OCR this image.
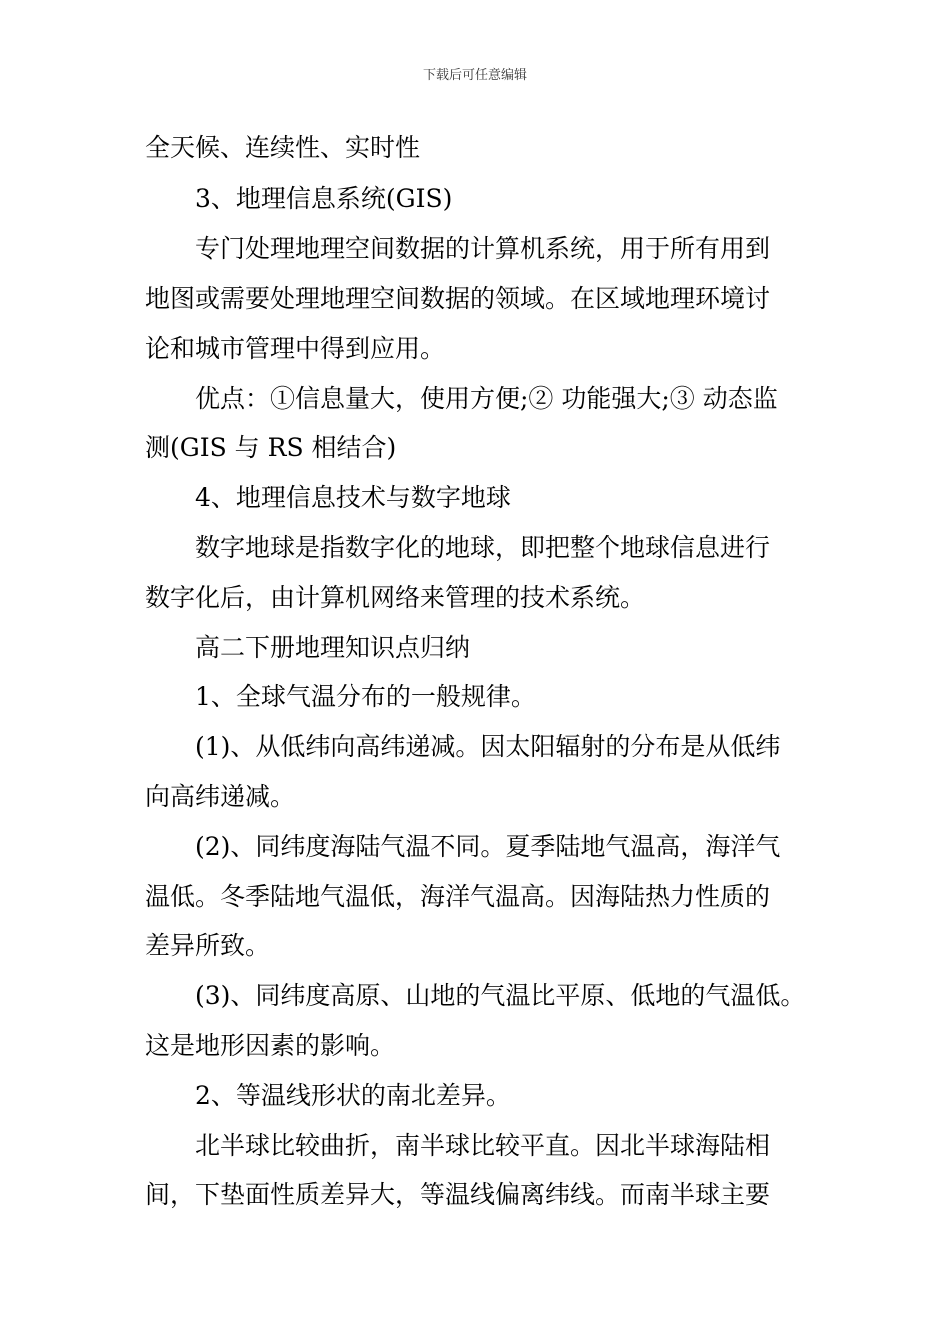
下载后可任意编辑

全天候、连续性、实时性

3、地理信息系统(GIS)

专门处理地理空间数据的计算机系统，用于所有用到

地图或需要处理地理空间数据的领域。在区域地理环境讨

论和城市管理中得到应用。

优点：①信息量大，使用方便;② 功能强大;③ 动态监

测(GIS 与 RS 相结合)

4、地理信息技术与数字地球

数字地球是指数字化的地球，即把整个地球信息进行

数字化后，由计算机网络来管理的技术系统。

高二下册地理知识点归纳

1、全球气温分布的一般规律。

(1)、从低纬向高纬递减。因太阳辐射的分布是从低纬

向高纬递减。

(2)、同纬度海陆气温不同。夏季陆地气温高，海洋气

温低。冬季陆地气温低，海洋气温高。因海陆热力性质的

差异所致。

(3)、同纬度高原、山地的气温比平原、低地的气温低。

这是地形因素的影响。

2、等温线形状的南北差异。

北半球比较曲折，南半球比较平直。因北半球海陆相

间，下垫面性质差异大，等温线偏离纬线。而南半球主要
